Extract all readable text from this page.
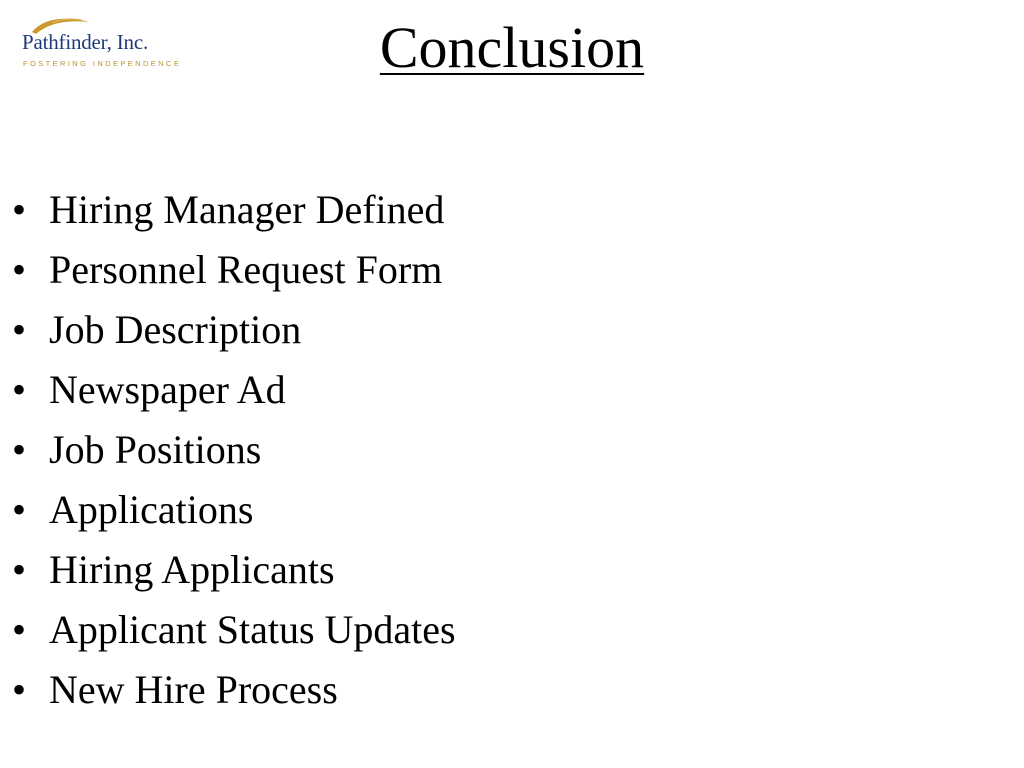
Pathfinder, Inc.
FOSTERING INDEPENDENCE	Conclusion
• Hiring Manager Defined
• Personnel Request Form
• Job Description
• Newspaper Ad
• Job Positions
• Applications
• Hiring Applicants
• Applicant Status Updates
• New Hire Process
